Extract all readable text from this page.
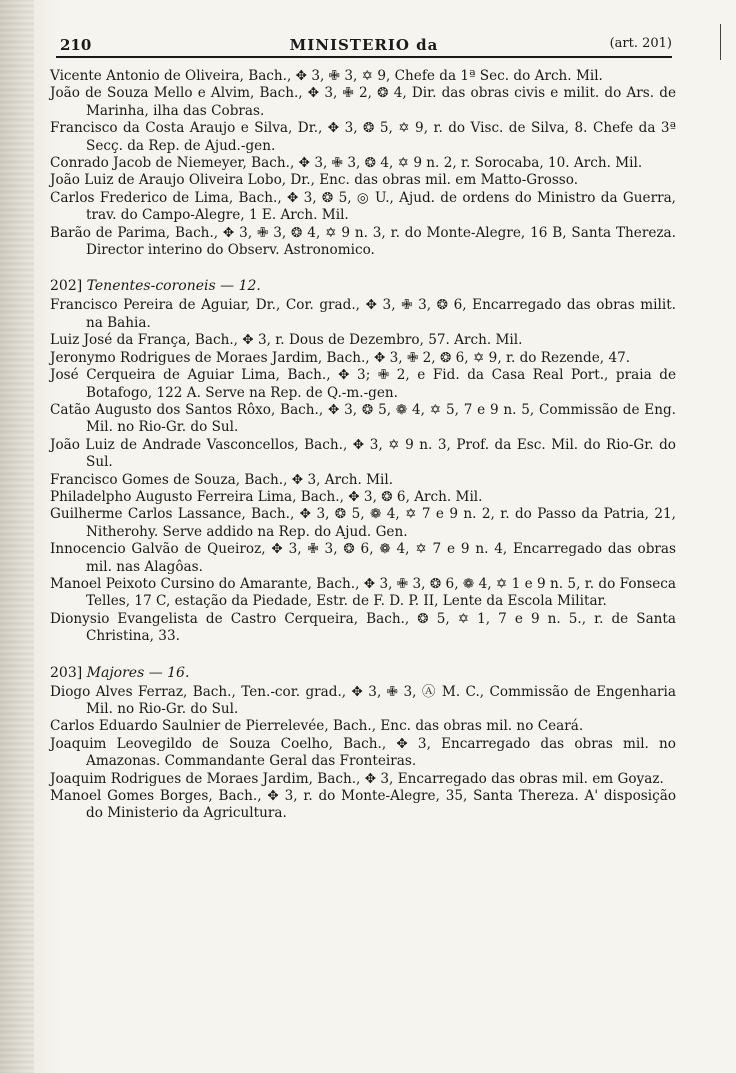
210	MINISTERIO da	(art. 201)

Vicente Antonio de Oliveira, Bach., ✥ 3, ✙ 3, ✡ 9, Chefe da 1ª Sec. do Arch. Mil.

João de Souza Mello e Alvim, Bach., ✥ 3, ✙ 2, ❂ 4, Dir. das obras civis e milit. do Ars. de Marinha, ilha das Cobras.

Francisco da Costa Araujo e Silva, Dr., ✥ 3, ❂ 5, ✡ 9, r. do Visc. de Silva, 8. Chefe da 3ª Secç. da Rep. de Ajud.-gen.

Conrado Jacob de Niemeyer, Bach., ✥ 3, ✙ 3, ❂ 4, ✡ 9 n. 2, r. Sorocaba, 10. Arch. Mil.

João Luiz de Araujo Oliveira Lobo, Dr., Enc. das obras mil. em Matto-Grosso.

Carlos Frederico de Lima, Bach., ✥ 3, ❂ 5, ◎ U., Ajud. de ordens do Ministro da Guerra, trav. do Campo-Alegre, 1 E. Arch. Mil.

Barão de Parima, Bach., ✥ 3, ✙ 3, ❂ 4, ✡ 9 n. 3, r. do Monte-Alegre, 16 B, Santa Thereza. Director interino do Observ. Astronomico.

202] Tenentes-coroneis — 12.

Francisco Pereira de Aguiar, Dr., Cor. grad., ✥ 3, ✙ 3, ❂ 6, Encarregado das obras milit. na Bahia.

Luiz José da França, Bach., ✥ 3, r. Dous de Dezembro, 57. Arch. Mil.

Jeronymo Rodrigues de Moraes Jardim, Bach., ✥ 3, ✙ 2, ❂ 6, ✡ 9, r. do Rezende, 47.

José Cerqueira de Aguiar Lima, Bach., ✥ 3; ✙ 2, e Fid. da Casa Real Port., praia de Botafogo, 122 A. Serve na Rep. de Q.-m.-gen.

Catão Augusto dos Santos Rôxo, Bach., ✥ 3, ❂ 5, ❁ 4, ✡ 5, 7 e 9 n. 5, Commissão de Eng. Mil. no Rio-Gr. do Sul.

João Luiz de Andrade Vasconcellos, Bach., ✥ 3, ✡ 9 n. 3, Prof. da Esc. Mil. do Rio-Gr. do Sul.

Francisco Gomes de Souza, Bach., ✥ 3, Arch. Mil.

Philadelpho Augusto Ferreira Lima, Bach., ✥ 3, ❂ 6, Arch. Mil.

Guilherme Carlos Lassance, Bach., ✥ 3, ❂ 5, ❁ 4, ✡ 7 e 9 n. 2, r. do Passo da Patria, 21, Nitherohy. Serve addido na Rep. do Ajud. Gen.

Innocencio Galvão de Queiroz, ✥ 3, ✙ 3, ❂ 6, ❁ 4, ✡ 7 e 9 n. 4, Encarregado das obras mil. nas Alagôas.

Manoel Peixoto Cursino do Amarante, Bach., ✥ 3, ✙ 3, ❂ 6, ❁ 4, ✡ 1 e 9 n. 5, r. do Fonseca Telles, 17 C, estação da Piedade, Estr. de F. D. P. II, Lente da Escola Militar.

Dionysio Evangelista de Castro Cerqueira, Bach., ❂ 5, ✡ 1, 7 e 9 n. 5., r. de Santa Christina, 33.

203] Majores — 16.

Diogo Alves Ferraz, Bach., Ten.-cor. grad., ✥ 3, ✙ 3, Ⓐ M. C., Commissão de Engenharia Mil. no Rio-Gr. do Sul.

Carlos Eduardo Saulnier de Pierrelevée, Bach., Enc. das obras mil. no Ceará.

Joaquim Leovegildo de Souza Coelho, Bach., ✥ 3, Encarregado das obras mil. no Amazonas. Commandante Geral das Fronteiras.

Joaquim Rodrigues de Moraes Jardim, Bach., ✥ 3, Encarregado das obras mil. em Goyaz.

Manoel Gomes Borges, Bach., ✥ 3, r. do Monte-Alegre, 35, Santa Thereza. A' disposição do Ministerio da Agricultura.
